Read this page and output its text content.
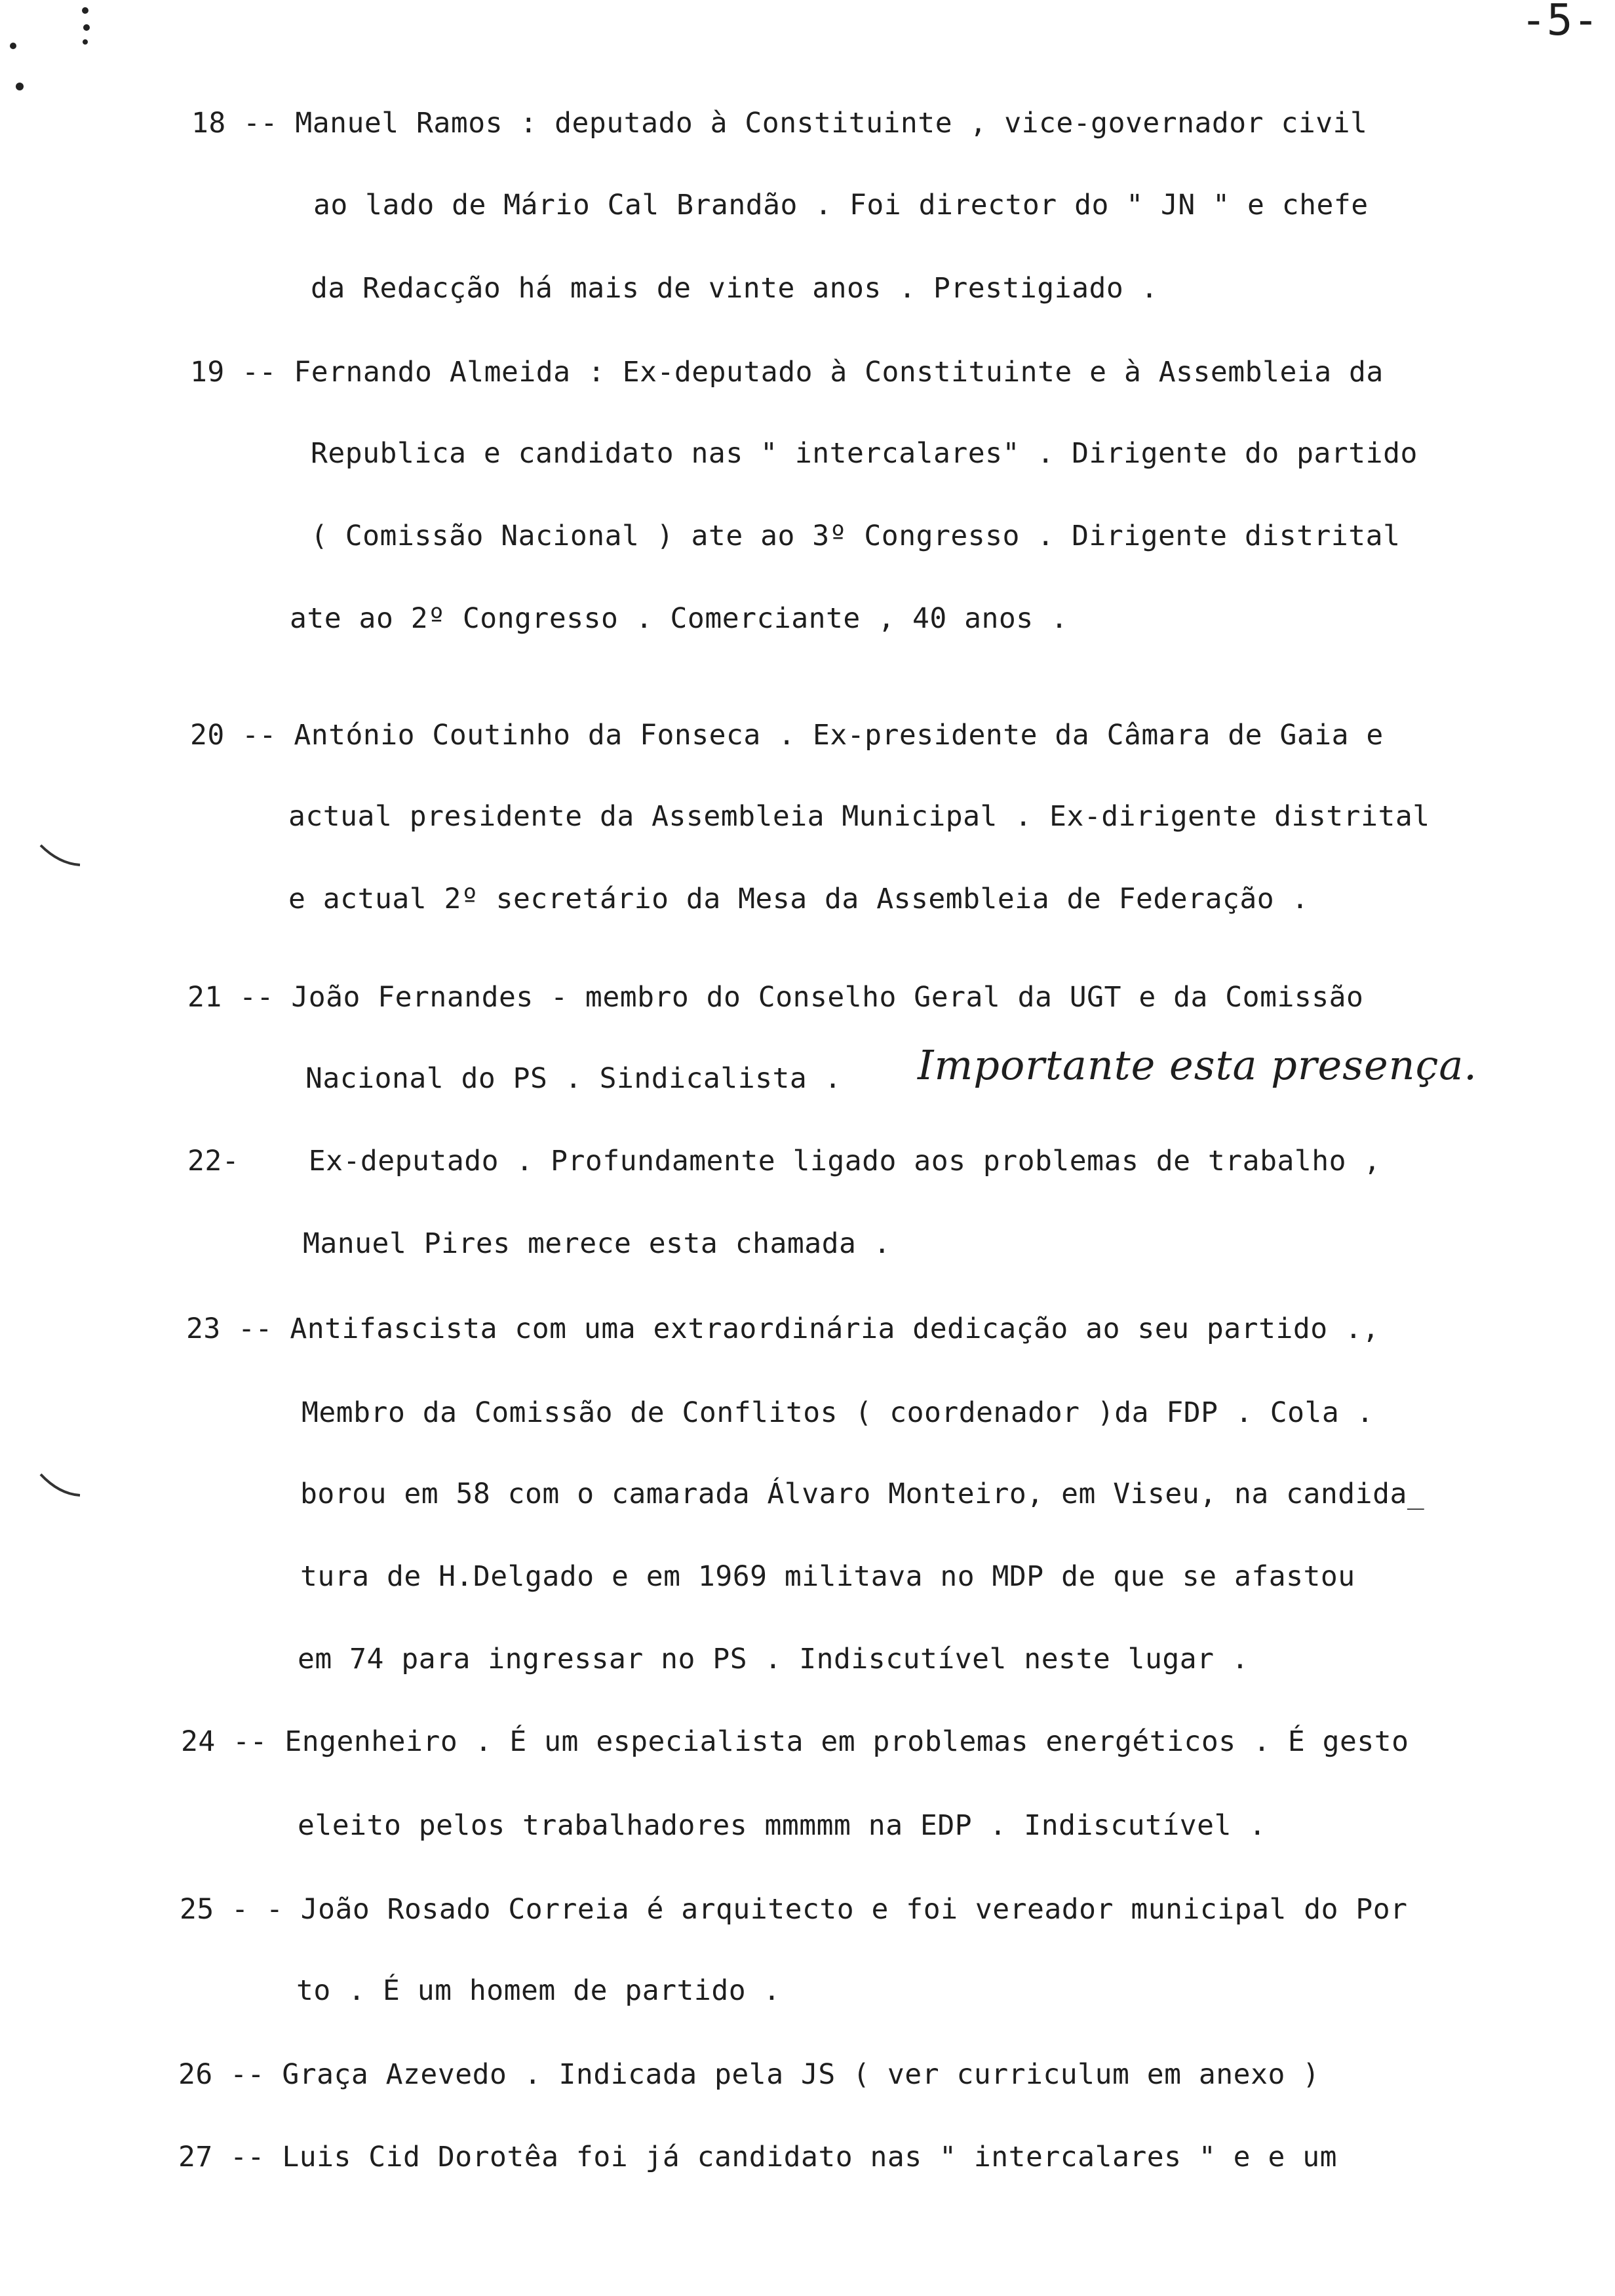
-5-
18 -- Manuel Ramos : deputado à Constituinte , vice-governador civil
ao lado de Mário Cal Brandão . Foi director do " JN " e chefe
da Redacção há mais de vinte anos . Prestigiado .
19 -- Fernando Almeida : Ex-deputado à Constituinte e à Assembleia da
Republica e candidato nas " intercalares" . Dirigente do partido
( Comissão Nacional ) ate ao 3º Congresso . Dirigente distrital
ate ao 2º Congresso . Comerciante , 40 anos .
20 -- António Coutinho da Fonseca . Ex-presidente da Câmara de Gaia e
actual presidente da Assembleia Municipal . Ex-dirigente distrital
e actual 2º secretário da Mesa da Assembleia de Federação .
21 -- João Fernandes - membro do Conselho Geral da UGT e da Comissão
Nacional do PS . Sindicalista . Importante esta presença.
22-    Ex-deputado . Profundamente ligado aos problemas de trabalho ,
Manuel Pires merece esta chamada .
23 -- Antifascista com uma extraordinária dedicação ao seu partido .,
Membro da Comissão de Conflitos ( coordenador )da FDP . Cola .
borou em 58 com o camarada Álvaro Monteiro, em Viseu, na candida_
tura de H.Delgado e em 1969 militava no MDP de que se afastou
em 74 para ingressar no PS . Indiscutível neste lugar .
24 -- Engenheiro . É um especialista em problemas energéticos . É gesto
eleito pelos trabalhadores mmmmm na EDP . Indiscutível .
25 - - João Rosado Correia é arquitecto e foi vereador municipal do Por
to . É um homem de partido .
26 -- Graça Azevedo . Indicada pela JS ( ver curriculum em anexo )
27 -- Luis Cid Dorotêa foi já candidato nas " intercalares " e e um
